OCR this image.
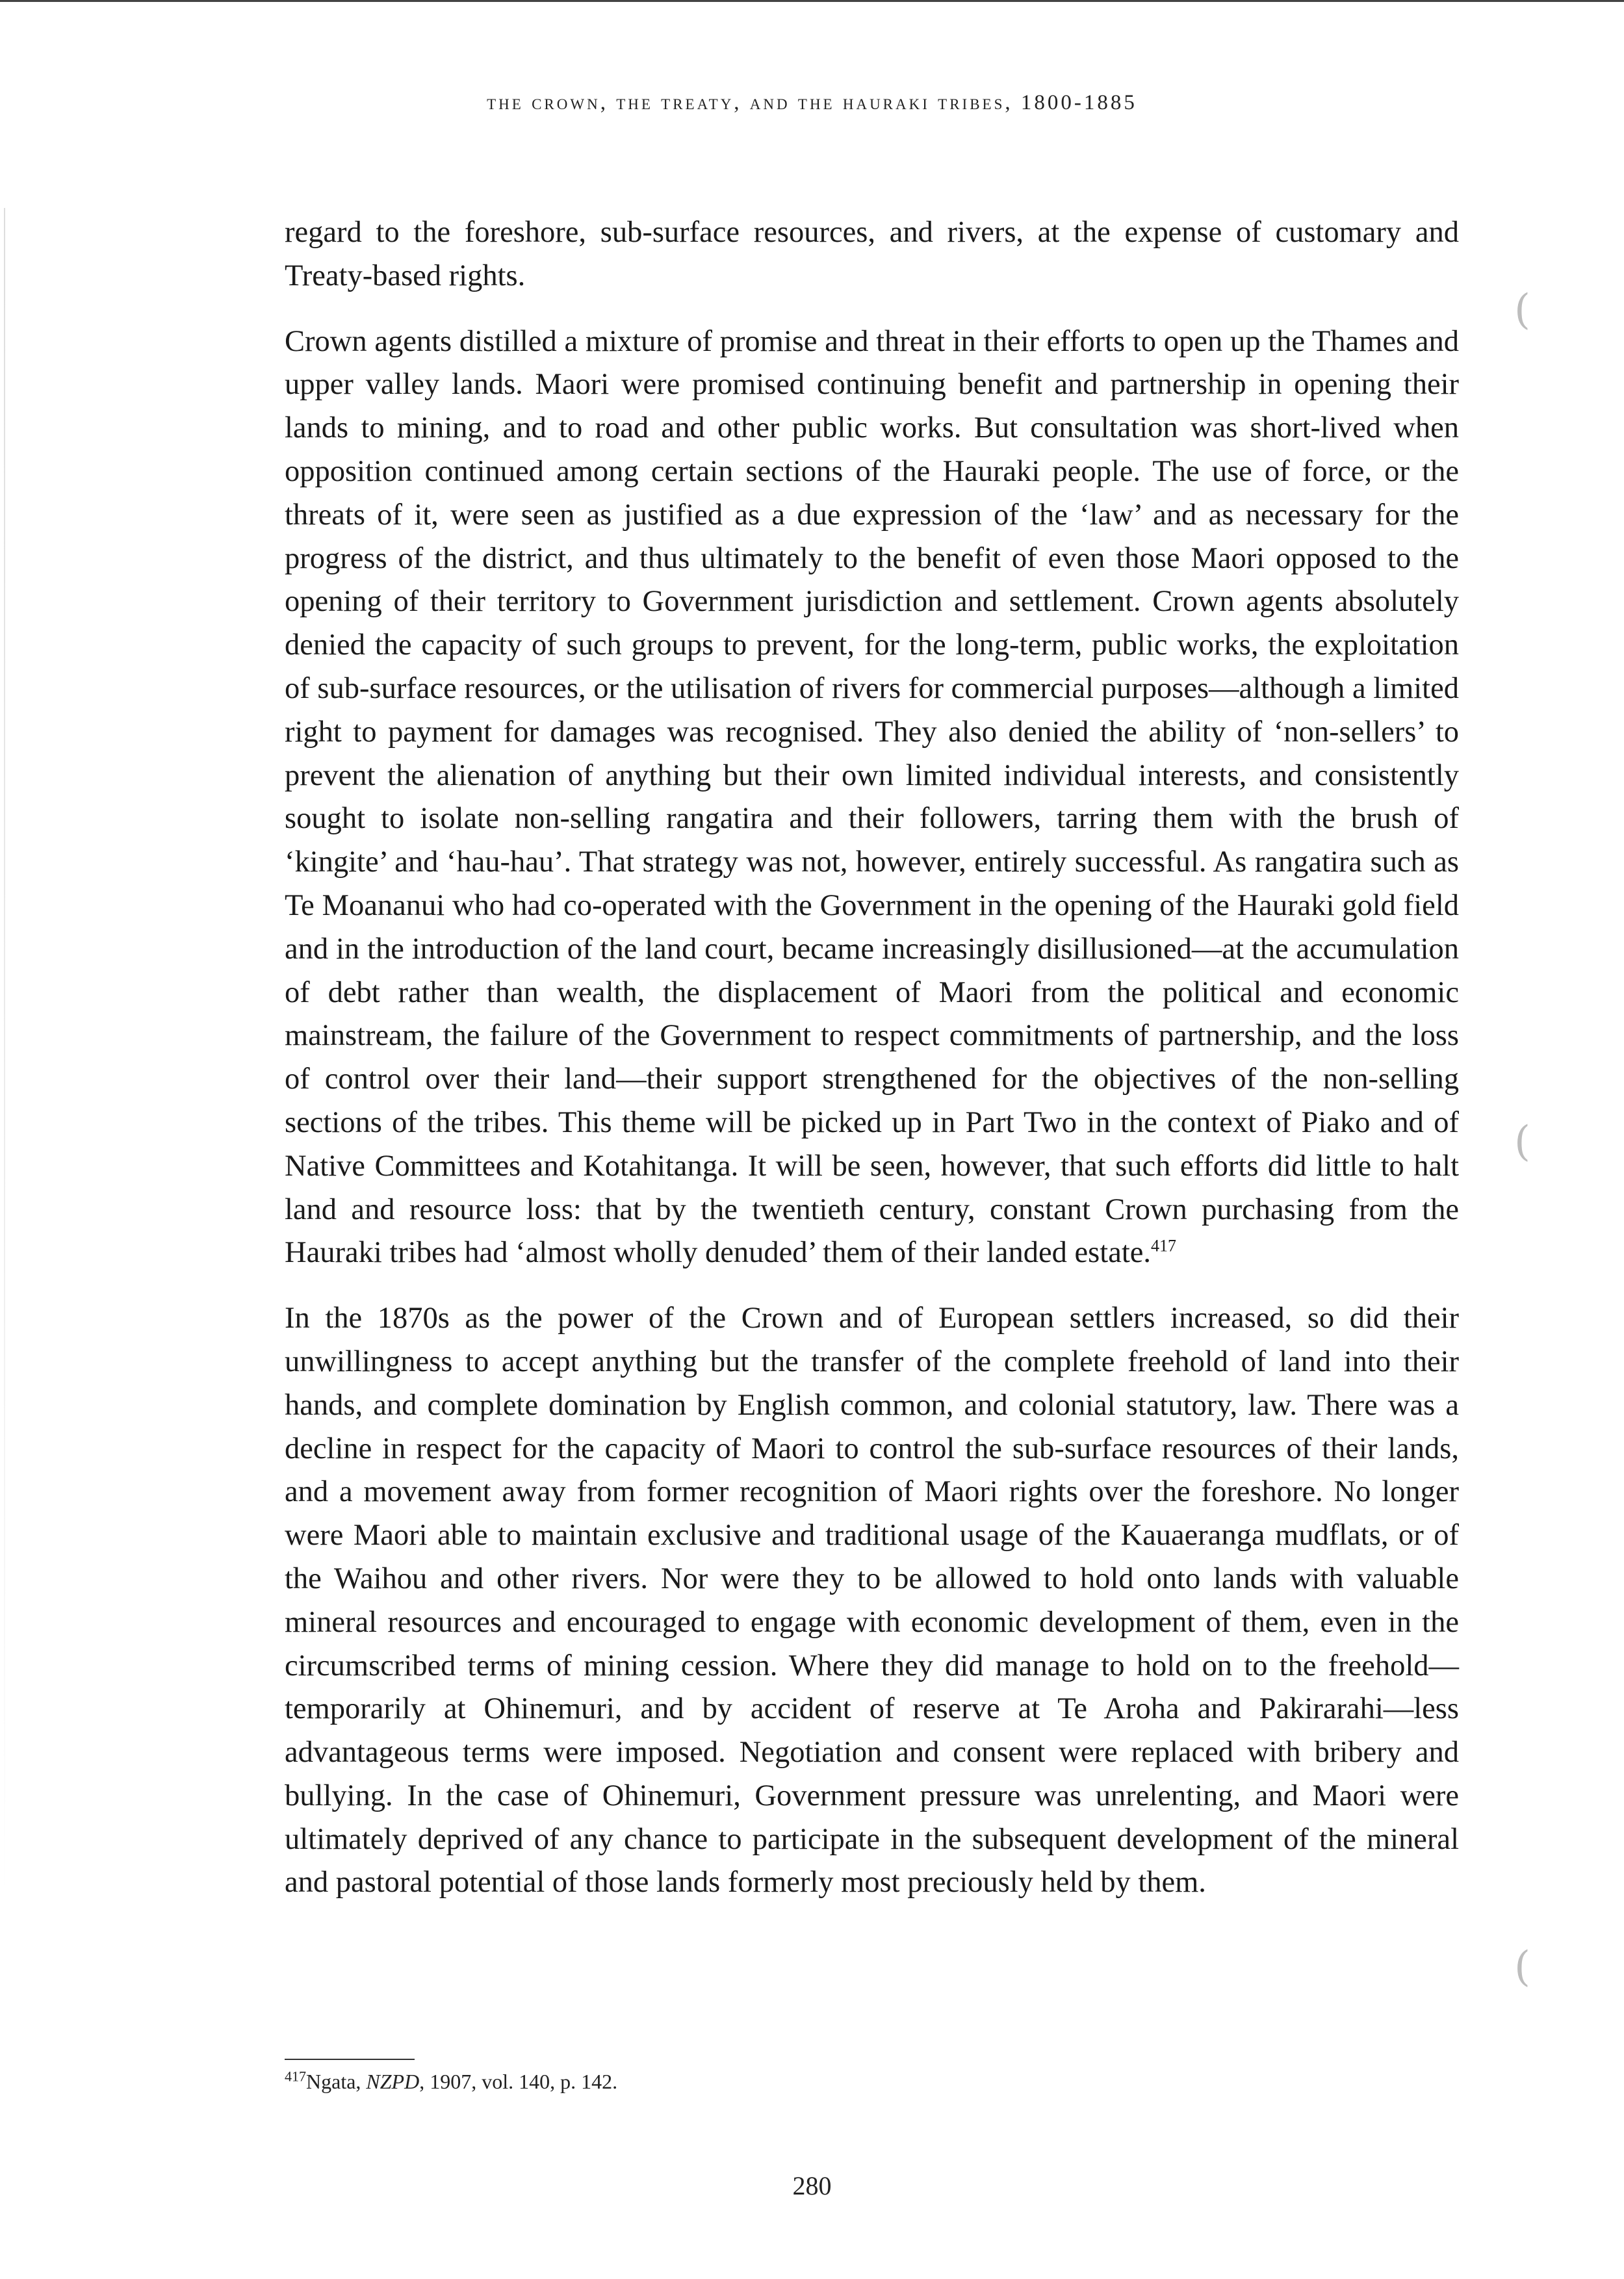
the crown, the treaty, and the hauraki tribes, 1800-1885

regard to the foreshore, sub-surface resources, and rivers, at the expense of customary and Treaty-based rights.

Crown agents distilled a mixture of promise and threat in their efforts to open up the Thames and upper valley lands. Maori were promised continuing benefit and partnership in opening their lands to mining, and to road and other public works. But consultation was short-lived when opposition continued among certain sections of the Hauraki people. The use of force, or the threats of it, were seen as justified as a due expression of the ‘law’ and as necessary for the progress of the district, and thus ultimately to the benefit of even those Maori opposed to the opening of their territory to Government jurisdiction and settlement. Crown agents absolutely denied the capacity of such groups to prevent, for the long-term, public works, the exploitation of sub-surface resources, or the utilisation of rivers for commercial purposes—although a limited right to payment for damages was recognised. They also denied the ability of ‘non-sellers’ to prevent the alienation of anything but their own limited individual interests, and consistently sought to isolate non-selling rangatira and their followers, tarring them with the brush of ‘kingite’ and ‘hau-hau’. That strategy was not, however, entirely successful. As rangatira such as Te Moananui who had co-operated with the Government in the opening of the Hauraki gold field and in the introduction of the land court, became increasingly disillusioned—at the accumulation of debt rather than wealth, the displacement of Maori from the political and economic mainstream, the failure of the Government to respect commitments of partnership, and the loss of control over their land—their support strengthened for the objectives of the non-selling sections of the tribes. This theme will be picked up in Part Two in the context of Piako and of Native Committees and Kotahitanga. It will be seen, however, that such efforts did little to halt land and resource loss: that by the twentieth century, constant Crown purchasing from the Hauraki tribes had ‘almost wholly denuded’ them of their landed estate.$^{417}$

In the 1870s as the power of the Crown and of European settlers increased, so did their unwillingness to accept anything but the transfer of the complete freehold of land into their hands, and complete domination by English common, and colonial statutory, law. There was a decline in respect for the capacity of Maori to control the sub-surface resources of their lands, and a movement away from former recognition of Maori rights over the foreshore. No longer were Maori able to maintain exclusive and traditional usage of the Kauaeranga mudflats, or of the Waihou and other rivers. Nor were they to be allowed to hold onto lands with valuable mineral resources and encouraged to engage with economic development of them, even in the circumscribed terms of mining cession. Where they did manage to hold on to the freehold—temporarily at Ohinemuri, and by accident of reserve at Te Aroha and Pakirarahi—less advantageous terms were imposed. Negotiation and consent were replaced with bribery and bullying. In the case of Ohinemuri, Government pressure was unrelenting, and Maori were ultimately deprived of any chance to participate in the subsequent development of the mineral and pastoral potential of those lands formerly most preciously held by them.

$^{417}$Ngata, NZPD, 1907, vol. 140, p. 142.
280
(
(
(
